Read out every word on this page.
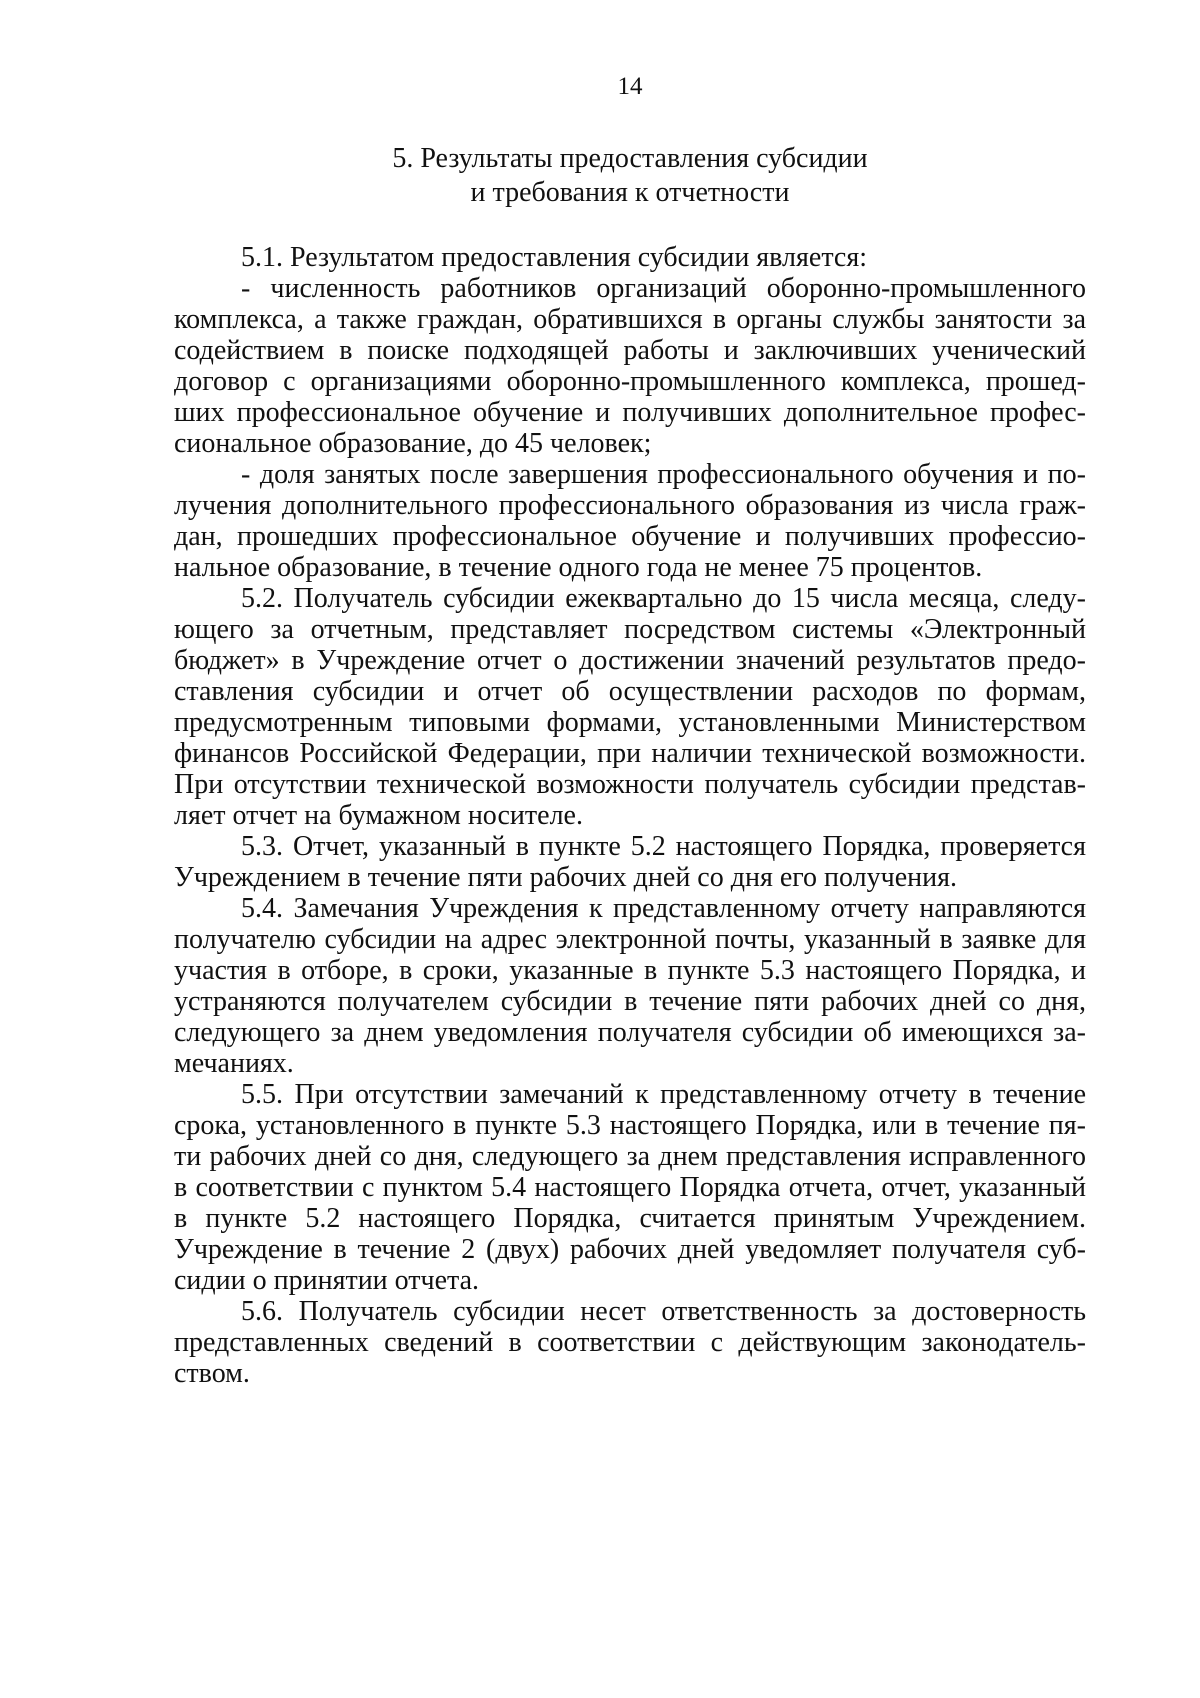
14
5. Результаты предоставления субсидии
и требования к отчетности

5.1. Результатом предоставления субсидии является:

- численность работников организаций оборонно-промышленного комплекса, а также граждан, обратившихся в органы службы занятости за содействием в поиске подходящей работы и заключивших ученический договор с организациями оборонно-промышленного комплекса, прошед-ших профессиональное обучение и получивших дополнительное профес-сиональное образование, до 45 человек;

- доля занятых после завершения профессионального обучения и по-лучения дополнительного профессионального образования из числа граж-дан, прошедших профессиональное обучение и получивших профессио-нальное образование, в течение одного года не менее 75 процентов.

5.2. Получатель субсидии ежеквартально до 15 числа месяца, следу-ющего за отчетным, представляет посредством системы «Электронный бюджет» в Учреждение отчет о достижении значений результатов предо-ставления субсидии и отчет об осуществлении расходов по формам, предусмотренным типовыми формами, установленными Министерством финансов Российской Федерации, при наличии технической возможности. При отсутствии технической возможности получатель субсидии представ-ляет отчет на бумажном носителе.

5.3. Отчет, указанный в пункте 5.2 настоящего Порядка, проверяется Учреждением в течение пяти рабочих дней со дня его получения.

5.4. Замечания Учреждения к представленному отчету направляются получателю субсидии на адрес электронной почты, указанный в заявке для участия в отборе, в сроки, указанные в пункте 5.3 настоящего Порядка, и устраняются получателем субсидии в течение пяти рабочих дней со дня, следующего за днем уведомления получателя субсидии об имеющихся за-мечаниях.

5.5. При отсутствии замечаний к представленному отчету в течение срока, установленного в пункте 5.3 настоящего Порядка, или в течение пя-ти рабочих дней со дня, следующего за днем представления исправленного в соответствии с пунктом 5.4 настоящего Порядка отчета, отчет, указанный в пункте 5.2 настоящего Порядка, считается принятым Учреждением. Учреждение в течение 2 (двух) рабочих дней уведомляет получателя суб-сидии о принятии отчета.

5.6. Получатель субсидии несет ответственность за достоверность представленных сведений в соответствии с действующим законодатель-ством.
